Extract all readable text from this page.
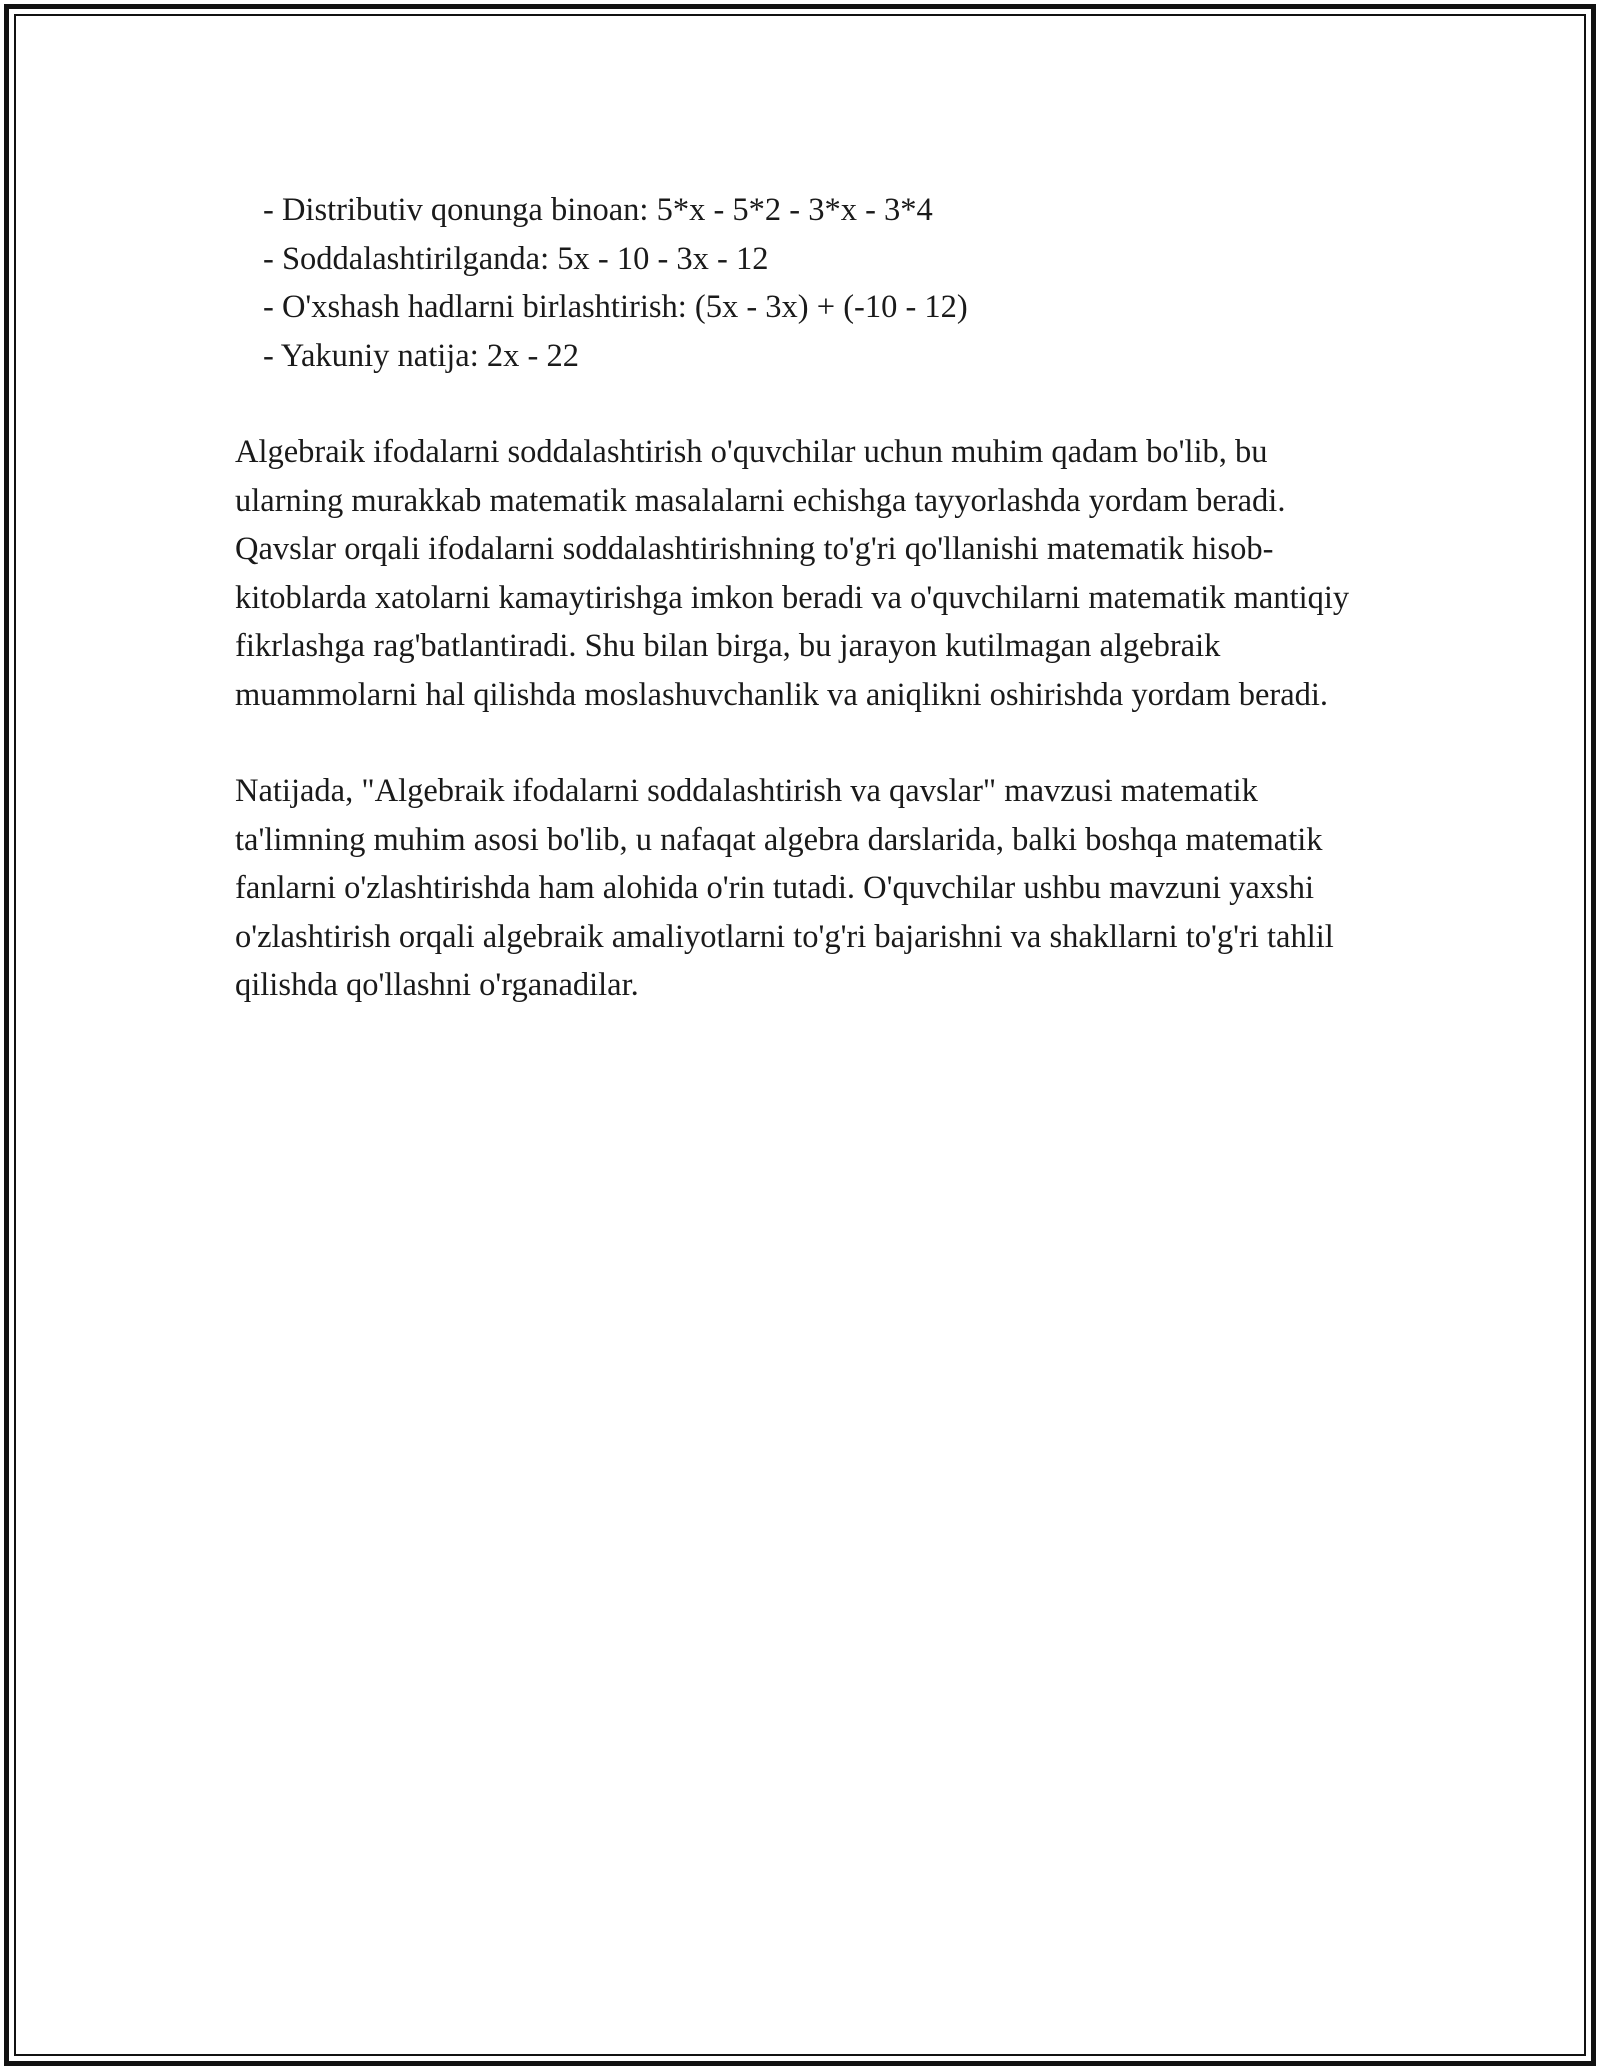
- Distributiv qonunga binoan: 5*x - 5*2 - 3*x - 3*4
- Soddalashtirilganda: 5x - 10 - 3x - 12
- O'xshash hadlarni birlashtirish: (5x - 3x) + (-10 - 12)
- Yakuniy natija: 2x - 22

Algebraik ifodalarni soddalashtirish o'quvchilar uchun muhim qadam bo'lib, bu ularning murakkab matematik masalalarni echishga tayyorlashda yordam beradi. Qavslar orqali ifodalarni soddalashtirishning to'g'ri qo'llanishi matematik hisob-kitoblarda xatolarni kamaytirishga imkon beradi va o'quvchilarni matematik mantiqiy fikrlashga rag'batlantiradi. Shu bilan birga, bu jarayon kutilmagan algebraik muammolarni hal qilishda moslashuvchanlik va aniqlikni oshirishda yordam beradi.

Natijada, "Algebraik ifodalarni soddalashtirish va qavslar" mavzusi matematik ta'limning muhim asosi bo'lib, u nafaqat algebra darslarida, balki boshqa matematik fanlarni o'zlashtirishda ham alohida o'rin tutadi. O'quvchilar ushbu mavzuni yaxshi o'zlashtirish orqali algebraik amaliyotlarni to'g'ri bajarishni va shakllarni to'g'ri tahlil qilishda qo'llashni o'rganadilar.
